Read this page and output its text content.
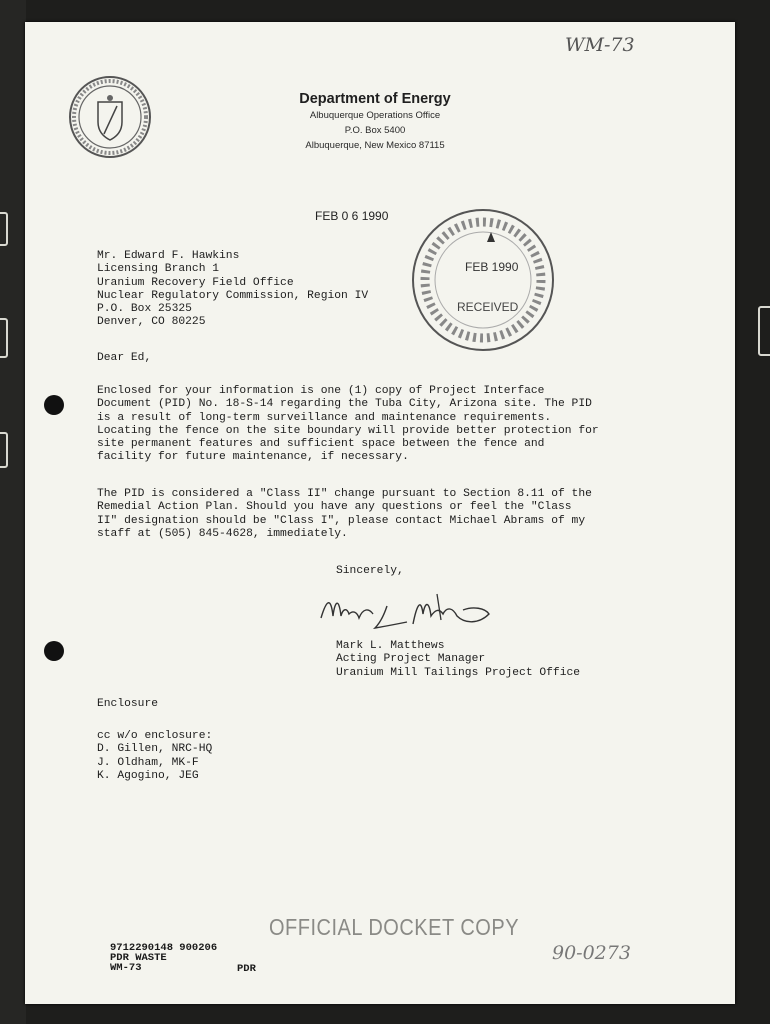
WM-73
Department of Energy
Albuquerque Operations Office
P.O. Box 5400
Albuquerque, New Mexico 87115
FEB 0 6 1990
FEB 1990
RECEIVED
Mr. Edward F. Hawkins
Licensing Branch 1
Uranium Recovery Field Office
Nuclear Regulatory Commission, Region IV
P.O. Box 25325
Denver, CO 80225
Dear Ed,
Enclosed for your information is one (1) copy of Project Interface
Document (PID) No. 18-S-14 regarding the Tuba City, Arizona site. The PID
is a result of long-term surveillance and maintenance requirements.
Locating the fence on the site boundary will provide better protection for
site permanent features and sufficient space between the fence and
facility for future maintenance, if necessary.
The PID is considered a "Class II" change pursuant to Section 8.11 of the
Remedial Action Plan. Should you have any questions or feel the "Class
II" designation should be "Class I", please contact Michael Abrams of my
staff at (505) 845-4628, immediately.
Sincerely,
Mark L. Matthews
Acting Project Manager
Uranium Mill Tailings Project Office
Enclosure
cc w/o enclosure:
D. Gillen, NRC-HQ
J. Oldham, MK-F
K. Agogino, JEG
OFFICIAL DOCKET COPY
9712290148 900206
PDR WASTE
WM-73	PDR
90-0273
